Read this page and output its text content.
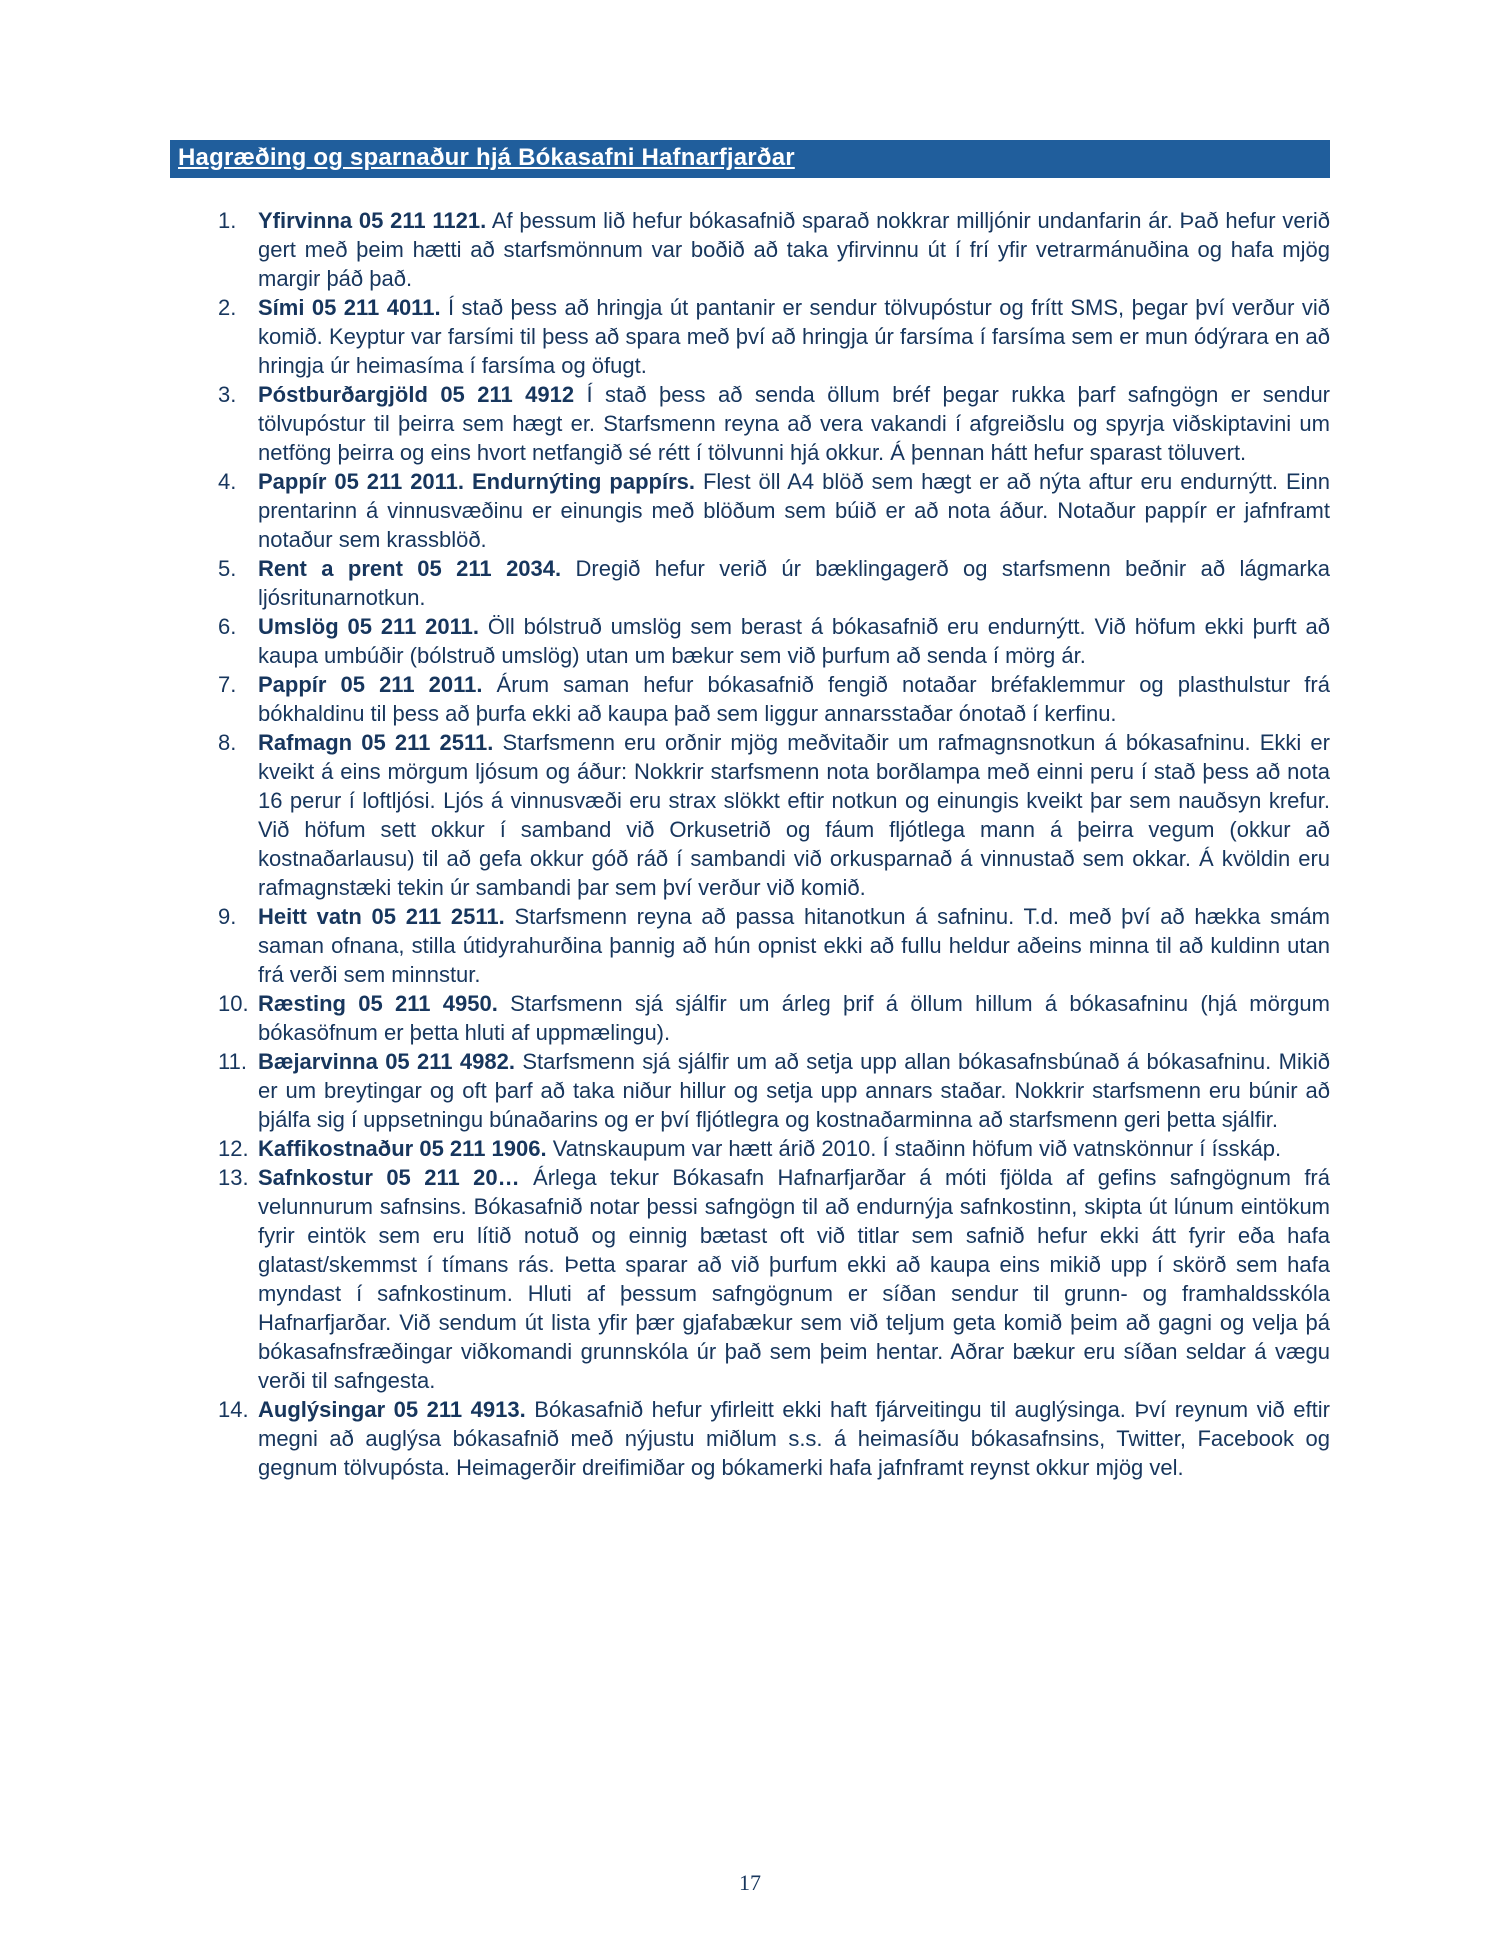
Hagræðing og sparnaður hjá Bókasafni Hafnarfjarðar
1. Yfirvinna 05 211 1121. Af þessum lið hefur bókasafnið sparað nokkrar milljónir undanfarin ár. Það hefur verið gert með þeim hætti að starfsmönnum var boðið að taka yfirvinnu út í frí yfir vetrarmánuðina og hafa mjög margir þáð það.
2. Sími 05 211 4011. Í stað þess að hringja út pantanir er sendur tölvupóstur og frítt SMS, þegar því verður við komið. Keyptur var farsími til þess að spara með því að hringja úr farsíma í farsíma sem er mun ódýrara en að hringja úr heimasíma í farsíma og öfugt.
3. Póstburðargjöld 05 211 4912 Í stað þess að senda öllum bréf þegar rukka þarf safngögn er sendur tölvupóstur til þeirra sem hægt er. Starfsmenn reyna að vera vakandi í afgreiðslu og spyrja viðskiptavini um netföng þeirra og eins hvort netfangið sé rétt í tölvunni hjá okkur. Á þennan hátt hefur sparast töluvert.
4. Pappír 05 211 2011. Endurnýting pappírs. Flest öll A4 blöð sem hægt er að nýta aftur eru endurnýtt. Einn prentarinn á vinnusvæðinu er einungis með blöðum sem búið er að nota áður. Notaður pappír er jafnframt notaður sem krassblöð.
5. Rent a prent 05 211 2034. Dregið hefur verið úr bæklingagerð og starfsmenn beðnir að lágmarka ljósritunarnotkun.
6. Umslög 05 211 2011. Öll bólstruð umslög sem berast á bókasafnið eru endurnýtt. Við höfum ekki þurft að kaupa umbúðir (bólstruð umslög) utan um bækur sem við þurfum að senda í mörg ár.
7. Pappír 05 211 2011. Árum saman hefur bókasafnið fengið notaðar bréfaklemmur og plasthulstur frá bókhaldinu til þess að þurfa ekki að kaupa það sem liggur annarsstaðar ónotað í kerfinu.
8. Rafmagn 05 211 2511. Starfsmenn eru orðnir mjög meðvitaðir um rafmagnsnotkun á bókasafninu. Ekki er kveikt á eins mörgum ljósum og áður: Nokkrir starfsmenn nota borðlampa með einni peru í stað þess að nota 16 perur í loftljósi. Ljós á vinnusvæði eru strax slökkt eftir notkun og einungis kveikt þar sem nauðsyn krefur. Við höfum sett okkur í samband við Orkusetrið og fáum fljótlega mann á þeirra vegum (okkur að kostnaðarlausu) til að gefa okkur góð ráð í sambandi við orkusparnað á vinnustað sem okkar. Á kvöldin eru rafmagnstæki tekin úr sambandi þar sem því verður við komið.
9. Heitt vatn 05 211 2511. Starfsmenn reyna að passa hitanotkun á safninu. T.d. með því að hækka smám saman ofnana, stilla útidyrahurðina þannig að hún opnist ekki að fullu heldur aðeins minna til að kuldinn utan frá verði sem minnstur.
10. Ræsting 05 211 4950. Starfsmenn sjá sjálfir um árleg þrif á öllum hillum á bókasafninu (hjá mörgum bókasöfnum er þetta hluti af uppmælingu).
11. Bæjarvinna 05 211 4982. Starfsmenn sjá sjálfir um að setja upp allan bókasafnsbúnað á bókasafninu. Mikið er um breytingar og oft þarf að taka niður hillur og setja upp annars staðar. Nokkrir starfsmenn eru búnir að þjálfa sig í uppsetningu búnaðarins og er því fljótlegra og kostnaðarminna að starfsmenn geri þetta sjálfir.
12. Kaffikostnaður 05 211 1906. Vatnskaupum var hætt árið 2010. Í staðinn höfum við vatnskönnur í ísskáp.
13. Safnkostur 05 211 20… Árlega tekur Bókasafn Hafnarfjarðar á móti fjölda af gefins safngögnum frá velunnurum safnsins. Bókasafnið notar þessi safngögn til að endurnýja safnkostinn, skipta út lúnum eintökum fyrir eintök sem eru lítið notuð og einnig bætast oft við titlar sem safnið hefur ekki átt fyrir eða hafa glatast/skemmst í tímans rás. Þetta sparar að við þurfum ekki að kaupa eins mikið upp í skörð sem hafa myndast í safnkostinum. Hluti af þessum safngögnum er síðan sendur til grunn- og framhaldsskóla Hafnarfjarðar. Við sendum út lista yfir þær gjafabækur sem við teljum geta komið þeim að gagni og velja þá bókasafnsfræðingar viðkomandi grunnskóla úr það sem þeim hentar. Aðrar bækur eru síðan seldar á vægu verði til safngesta.
14. Auglýsingar 05 211 4913. Bókasafnið hefur yfirleitt ekki haft fjárveitingu til auglýsinga. Því reynum við eftir megni að auglýsa bókasafnið með nýjustu miðlum s.s. á heimasíðu bókasafnsins, Twitter, Facebook og gegnum tölvupósta. Heimagerðir dreifimiðar og bókamerki hafa jafnframt reynst okkur mjög vel.
17
